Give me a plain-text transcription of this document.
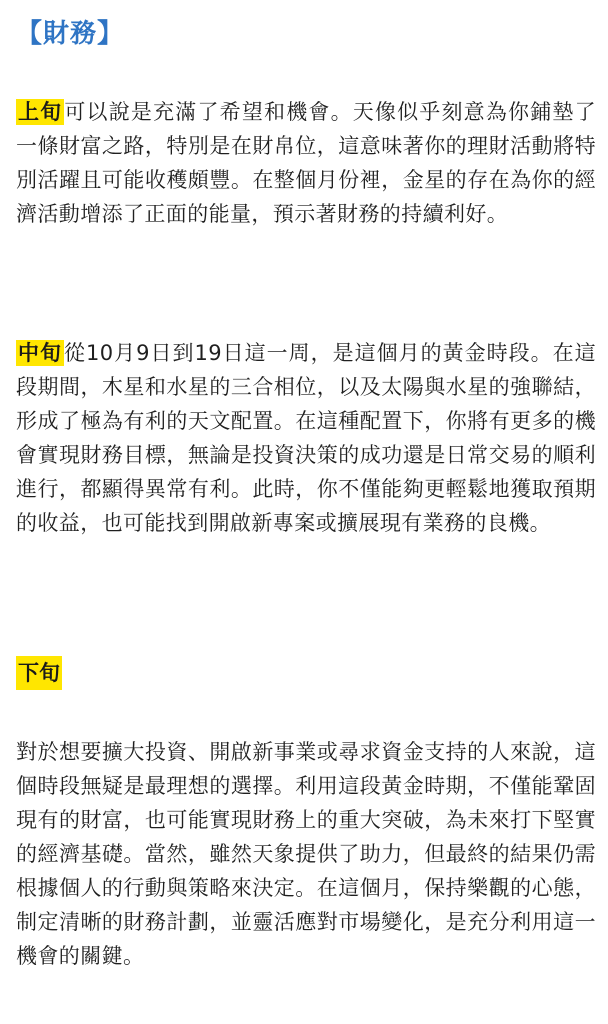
【財務】

上旬可以說是充滿了希望和機會。天像似乎刻意為你鋪墊了一條財富之路，特別是在財帛位，這意味著你的理財活動將特別活躍且可能收穫頗豐。在整個月份裡，金星的存在為你的經濟活動增添了正面的能量，預示著財務的持續利好。

中旬從10月9日到19日這一周，是這個月的黃金時段。在這段期間，木星和水星的三合相位，以及太陽與水星的強聯結，形成了極為有利的天文配置。在這種配置下，你將有更多的機會實現財務目標，無論是投資決策的成功還是日常交易的順利進行，都顯得異常有利。此時，你不僅能夠更輕鬆地獲取預期的收益，也可能找到開啟新專案或擴展現有業務的良機。

下旬

對於想要擴大投資、開啟新事業或尋求資金支持的人來說，這個時段無疑是最理想的選擇。利用這段黃金時期，不僅能鞏固現有的財富，也可能實現財務上的重大突破，為未來打下堅實的經濟基礎。當然，雖然天象提供了助力，但最終的結果仍需根據個人的行動與策略來決定。在這個月，保持樂觀的心態，制定清晰的財務計劃，並靈活應對市場變化，是充分利用這一機會的關鍵。
